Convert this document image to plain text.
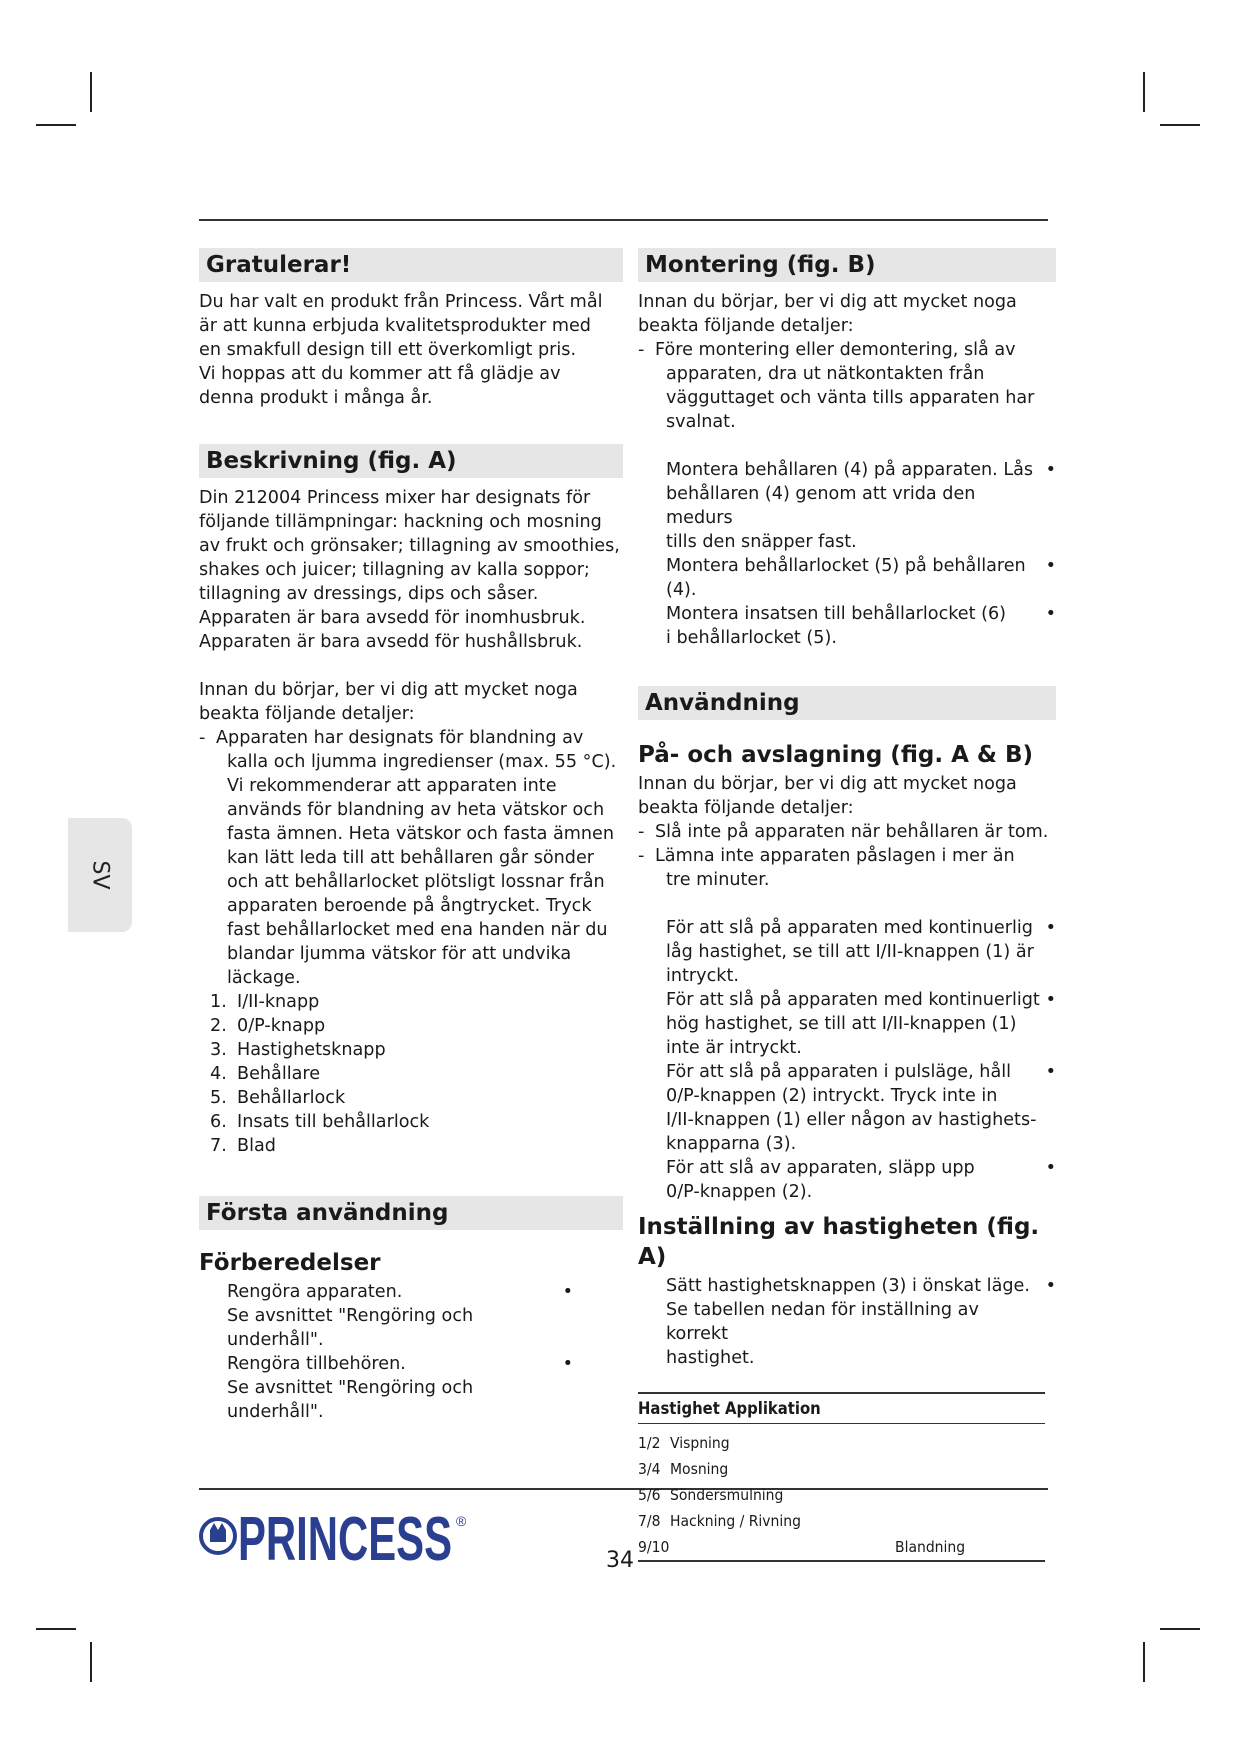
SV
Gratulerar!

Du har valt en produkt från Princess. Vårt mål

är att kunna erbjuda kvalitetsprodukter med

en smakfull design till ett överkomligt pris.

Vi hoppas att du kommer att få glädje av

denna produkt i många år.

Beskrivning (fig. A)

Din 212004 Princess mixer har designats för

följande tillämpningar: hackning och mosning

av frukt och grönsaker; tillagning av smoothies,

shakes och juicer; tillagning av kalla soppor;

tillagning av dressings, dips och såser.

Apparaten är bara avsedd för inomhusbruk.

Apparaten är bara avsedd för hushållsbruk.

Innan du börjar, ber vi dig att mycket noga

beakta följande detaljer:

- Apparaten har designats för blandning av

kalla och ljumma ingredienser (max. 55 °C).

Vi rekommenderar att apparaten inte

används för blandning av heta vätskor och

fasta ämnen. Heta vätskor och fasta ämnen

kan lätt leda till att behållaren går sönder

och att behållarlocket plötsligt lossnar från

apparaten beroende på ångtrycket. Tryck

fast behållarlocket med ena handen när du

blandar ljumma vätskor för att undvika

läckage.

1. I/II-knapp

2. 0/P-knapp

3. Hastighetsknapp

4. Behållare

5. Behållarlock

6. Insats till behållarlock

7. Blad

Första användning
Förberedelser

Rengöra apparaten.	•

Se avsnittet "Rengöring och underhåll".

Rengöra tillbehören.	•

Se avsnittet "Rengöring och underhåll".

Montering (fig. B)

Innan du börjar, ber vi dig att mycket noga

beakta följande detaljer:

- Före montering eller demontering, slå av

apparaten, dra ut nätkontakten från

vägguttaget och vänta tills apparaten har

svalnat.

Montera behållaren (4) på apparaten. Lås •

behållaren (4) genom att vrida den medurs

tills den snäpper fast.

Montera behållarlocket (5) på behållaren (4).
•

Montera insatsen till behållarlocket (6) •

i behållarlocket (5).

Användning
På- och avslagning (fig. A & B)

Innan du börjar, ber vi dig att mycket noga

beakta följande detaljer:

- Slå inte på apparaten när behållaren är tom.

- Lämna inte apparaten påslagen i mer än

tre minuter.

För att slå på apparaten med kontinuerlig •

låg hastighet, se till att I/II-knappen (1) är

intryckt.

För att slå på apparaten med kontinuerligt •

hög hastighet, se till att I/II-knappen (1)

inte är intryckt.

För att slå på apparaten i pulsläge, håll •

0/P-knappen (2) intryckt. Tryck inte in

I/II-knappen (1) eller någon av hastighets-

knapparna (3).

För att slå av apparaten, släpp upp	•

0/P-knappen (2).

Inställning av hastigheten (fig. A)

Sätt hastighetsknappen (3) i önskat läge. •

Se tabellen nedan för inställning av korrekt

hastighet.

Hastighet Applikation	

1/2	Vispning
3/4	Mosning
5/6	Söndersmulning
7/8	Hackning / Rivning
9/10	Blandning
PRINCESS ®
34
